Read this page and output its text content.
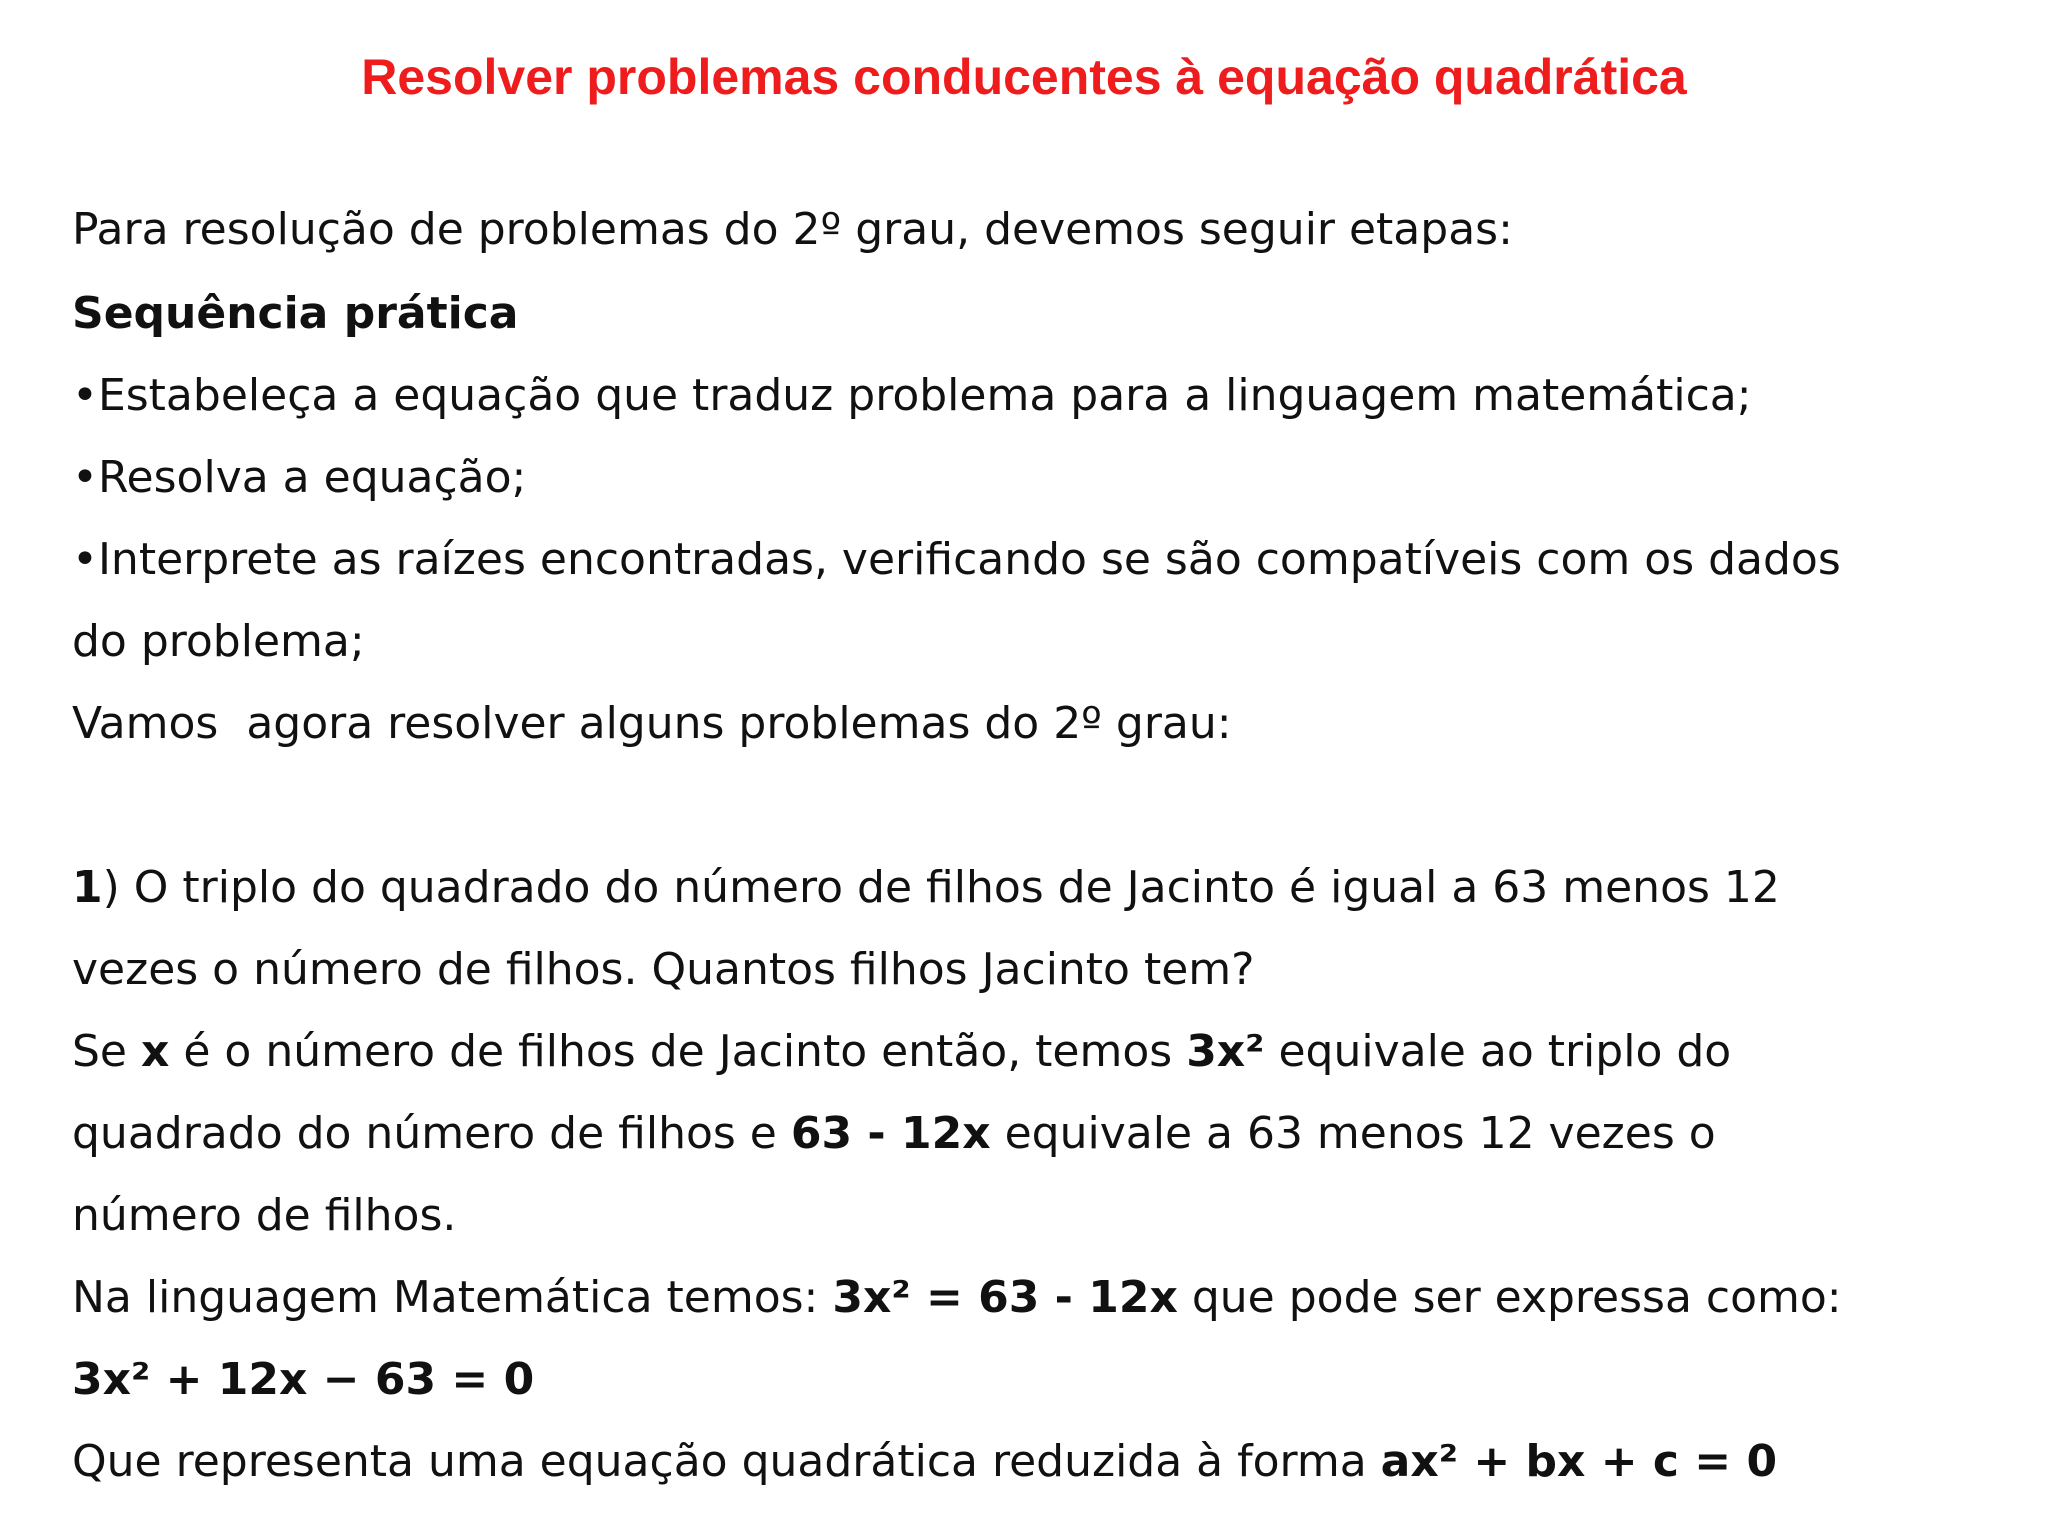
Resolver problemas conducentes à equação quadrática
Para resolução de problemas do 2º grau, devemos seguir etapas:
Sequência prática
•Estabeleça a equação que traduz problema para a linguagem matemática;
•Resolva a equação;
•Interprete as raízes encontradas, verificando se são compatíveis com os dados
do problema;
Vamos  agora resolver alguns problemas do 2º grau:
1) O triplo do quadrado do número de filhos de Jacinto é igual a 63 menos 12
vezes o número de filhos. Quantos filhos Jacinto tem?
Se x é o número de filhos de Jacinto então, temos 3x² equivale ao triplo do
quadrado do número de filhos e 63 - 12x equivale a 63 menos 12 vezes o
número de filhos.
Na linguagem Matemática temos: 3x² = 63 - 12x que pode ser expressa como:
3x² + 12x − 63 = 0
Que representa uma equação quadrática reduzida à forma ax² + bx + c = 0
